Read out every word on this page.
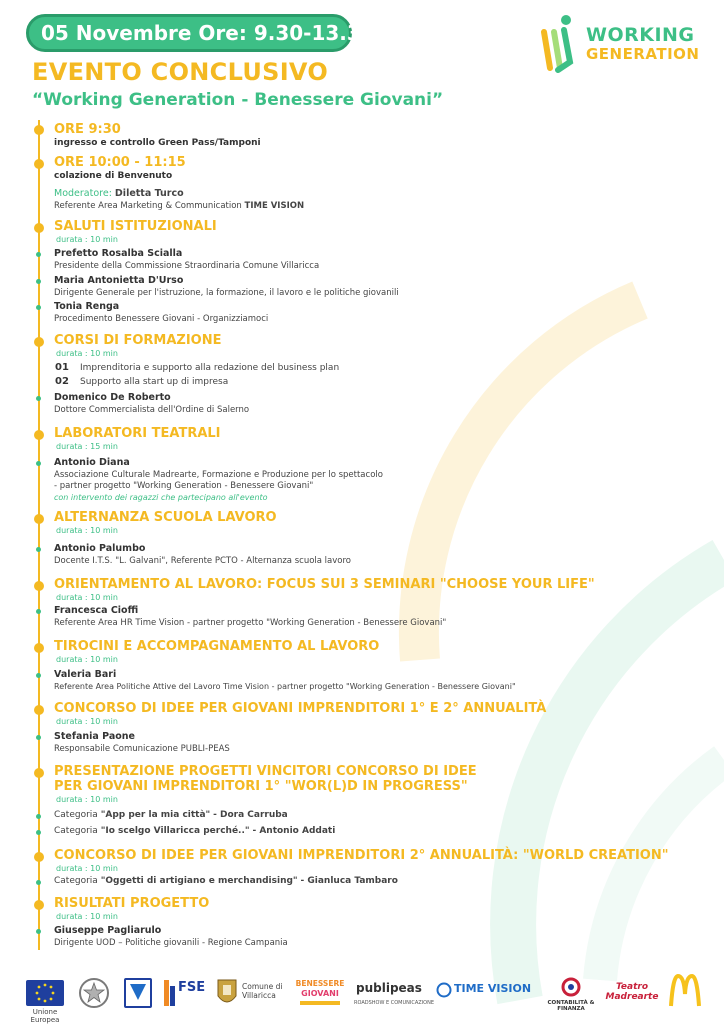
05 Novembre Ore: 9.30-13.30	WORKING
GENERATION
EVENTO CONCLUSIVO
“Working Generation - Benessere Giovani”
ORE 9:30
ingresso e controllo Green Pass/Tamponi
ORE 10:00 - 11:15
colazione di Benvenuto
Moderatore: Diletta Turco
Referente Area Marketing & Communication TIME VISION
SALUTI ISTITUZIONALI
durata : 10 min
Prefetto Rosalba Scialla
Presidente della Commissione Straordinaria Comune Villaricca
Maria Antonietta D'Urso
Dirigente Generale per l'istruzione, la formazione, il lavoro e le politiche giovanili
Tonia Renga
Procedimento Benessere Giovani - Organizziamoci
CORSI DI FORMAZIONE
durata : 10 min
01 Imprenditoria e supporto alla redazione del business plan
02 Supporto alla start up di impresa
Domenico De Roberto
Dottore Commercialista dell'Ordine di Salerno
LABORATORI TEATRALI
durata : 15 min
Antonio Diana
Associazione Culturale Madrearte, Formazione e Produzione per lo spettacolo
- partner progetto "Working Generation - Benessere Giovani"
con intervento dei ragazzi che partecipano all'evento
ALTERNANZA SCUOLA LAVORO
durata : 10 min
Antonio Palumbo
Docente I.T.S. "L. Galvani", Referente PCTO - Alternanza scuola lavoro
ORIENTAMENTO AL LAVORO: FOCUS SUI 3 SEMINARI "CHOOSE YOUR LIFE"
durata : 10 min
Francesca Cioffi
Referente Area HR Time Vision - partner progetto "Working Generation - Benessere Giovani"
TIROCINI E ACCOMPAGNAMENTO AL LAVORO
durata : 10 min
Valeria Bari
Referente Area Politiche Attive del Lavoro Time Vision - partner progetto "Working Generation - Benessere Giovani"
CONCORSO DI IDEE PER GIOVANI IMPRENDITORI 1° E 2° ANNUALITÀ
durata : 10 min
Stefania Paone
Responsabile Comunicazione PUBLI-PEAS
PRESENTAZIONE PROGETTI VINCITORI CONCORSO DI IDEE
PER GIOVANI IMPRENDITORI 1° "WOR(L)D IN PROGRESS"
durata : 10 min
Categoria "App per la mia città" - Dora Carruba
Categoria "Io scelgo Villaricca perché.." - Antonio Addati
CONCORSO DI IDEE PER GIOVANI IMPRENDITORI 2° ANNUALITÀ: "WORLD CREATION"
durata : 10 min
Categoria "Oggetti di artigiano e merchandising" - Gianluca Tambaro
RISULTATI PROGETTO
durata : 10 min
Giuseppe Pagliarulo
Dirigente UOD – Politiche giovanili - Regione Campania
Unione Europea
FSE	Comune di Villaricca
BENESSERE
GIOVANI	publipeas
ROADSHOW E COMUNICAZIONE
TIME VISION
CONTABILITÀ & FINANZA
Teatro Madrearte
